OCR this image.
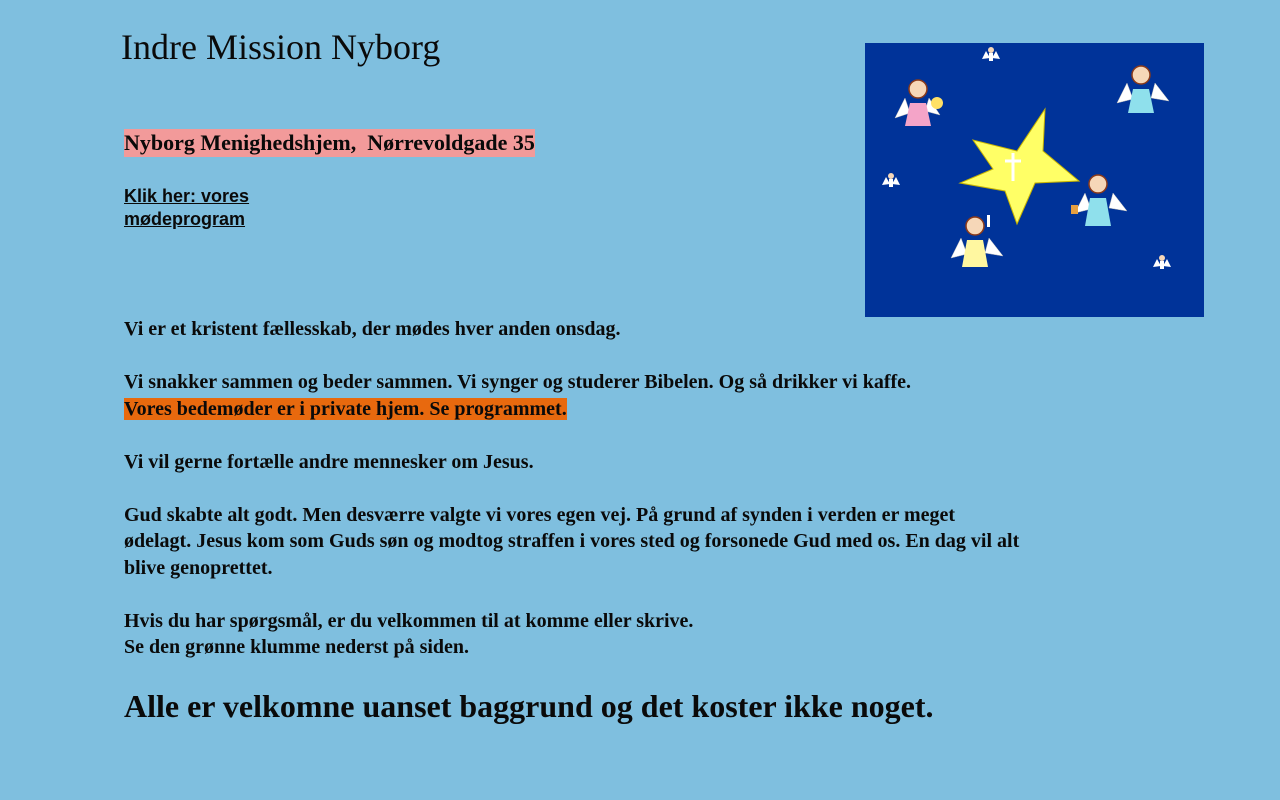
Indre Mission Nyborg
Nyborg Menighedshjem,  Nørrevoldgade 35
Klik her: vores
mødeprogram

Vi er et kristent fællesskab, der mødes hver anden onsdag.

Vi snakker sammen og beder sammen. Vi synger og studerer Bibelen. Og så drikker vi kaffe.

Vores bedemøder er i private hjem. Se programmet.

Vi vil gerne fortælle andre mennesker om Jesus.

Gud skabte alt godt. Men desværre valgte vi vores egen vej. På grund af synden i verden er meget ødelagt. Jesus kom som Guds søn og modtog straffen i vores sted og forsonede Gud med os. En dag vil alt blive genoprettet.

Hvis du har spørgsmål, er du velkommen til at komme eller skrive.

Se den grønne klumme nederst på siden.

Alle er velkomne uanset baggrund og det koster ikke noget.
